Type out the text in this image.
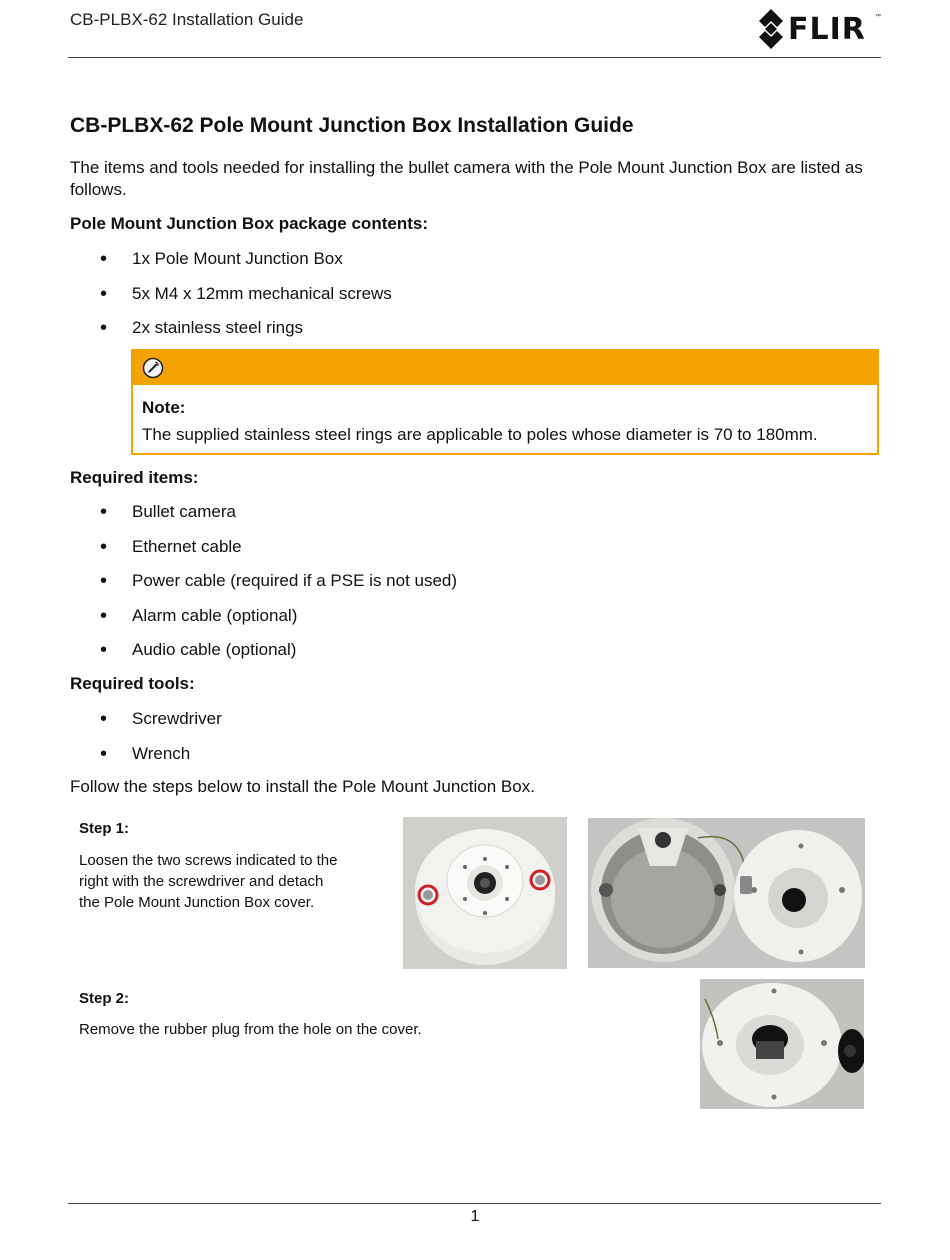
CB-PLBX-62 Installation Guide	FLIR ™
CB-PLBX-62 Pole Mount Junction Box Installation Guide
The items and tools needed for installing the bullet camera with the Pole Mount Junction Box are listed as follows.
Pole Mount Junction Box package contents:
• 1x Pole Mount Junction Box
• 5x M4 x 12mm mechanical screws
• 2x stainless steel rings
Note:
The supplied stainless steel rings are applicable to poles whose diameter is 70 to 180mm.
Required items:
• Bullet camera
• Ethernet cable
• Power cable (required if a PSE is not used)
• Alarm cable (optional)
• Audio cable (optional)
Required tools:
• Screwdriver
• Wrench
Follow the steps below to install the Pole Mount Junction Box.
Step 1:
Loosen the two screws indicated to the
right with the screwdriver and detach
the Pole Mount Junction Box cover.
Step 2:
Remove the rubber plug from the hole on the cover.
1
